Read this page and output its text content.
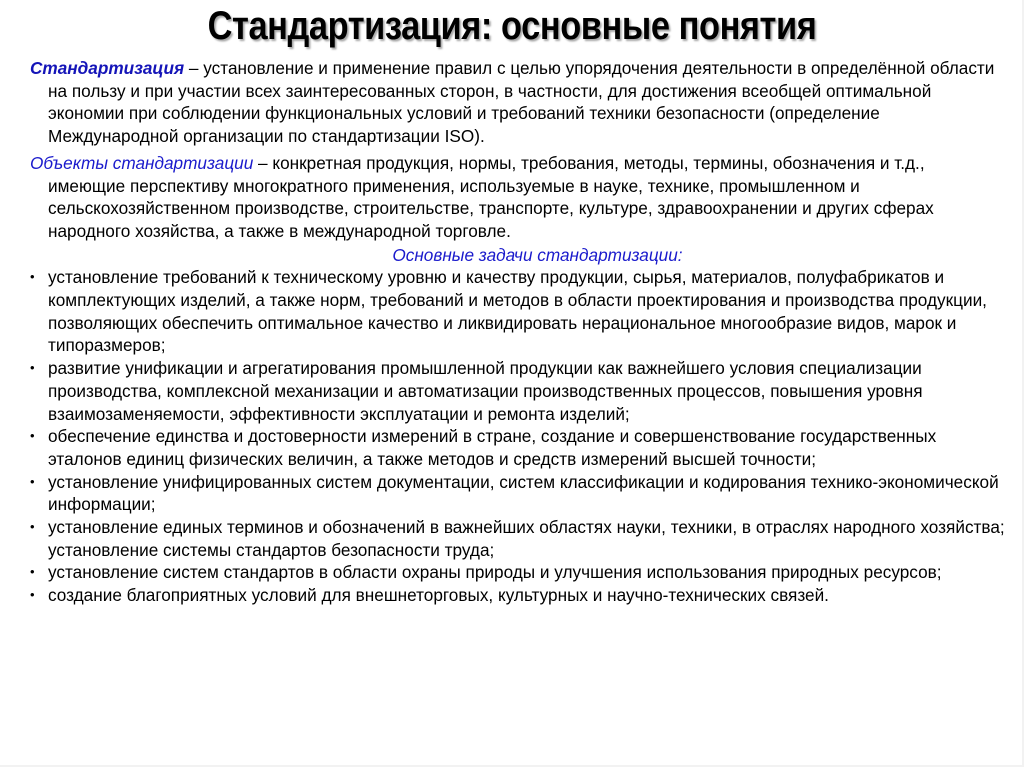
Стандартизация: основные понятия

Стандартизация – установление и применение правил с целью упорядочения деятельности в определённой области на пользу и при участии всех заинтересованных сторон, в частности, для достижения всеобщей оптимальной экономии при соблюдении функциональных условий и требований техники безопасности (определение Международной организации по стандартизации ISO).

Объекты стандартизации – конкретная продукция, нормы, требования, методы, термины, обозначения и т.д., имеющие перспективу многократного применения, используемые в науке, технике, промышленном и сельскохозяйственном производстве, строительстве, транспорте, культуре, здравоохранении и других сферах народного хозяйства, а также в международной торговле.

Основные задачи стандартизации:
• установление требований к техническому уровню и качеству продукции, сырья, материалов, полуфабрикатов и комплектующих изделий, а также норм, требований и методов в области проектирования и производства продукции, позволяющих обеспечить оптимальное качество и ликвидировать нерациональное многообразие видов, марок и типоразмеров;
• развитие унификации и агрегатирования промышленной продукции как важнейшего условия специализации производства, комплексной механизации и автоматизации производственных процессов, повышения уровня взаимозаменяемости, эффективности эксплуатации и ремонта изделий;
• обеспечение единства и достоверности измерений в стране, создание и совершенствование государственных эталонов единиц физических величин, а также методов и средств измерений высшей точности;
• установление унифицированных систем документации, систем классификации и кодирования технико-экономической информации;
• установление единых терминов и обозначений в важнейших областях науки, техники, в отраслях народного хозяйства; установление системы стандартов безопасности труда;
• установление систем стандартов в области охраны природы и улучшения использования природных ресурсов;
• создание благоприятных условий для внешнеторговых, культурных и научно-технических связей.
